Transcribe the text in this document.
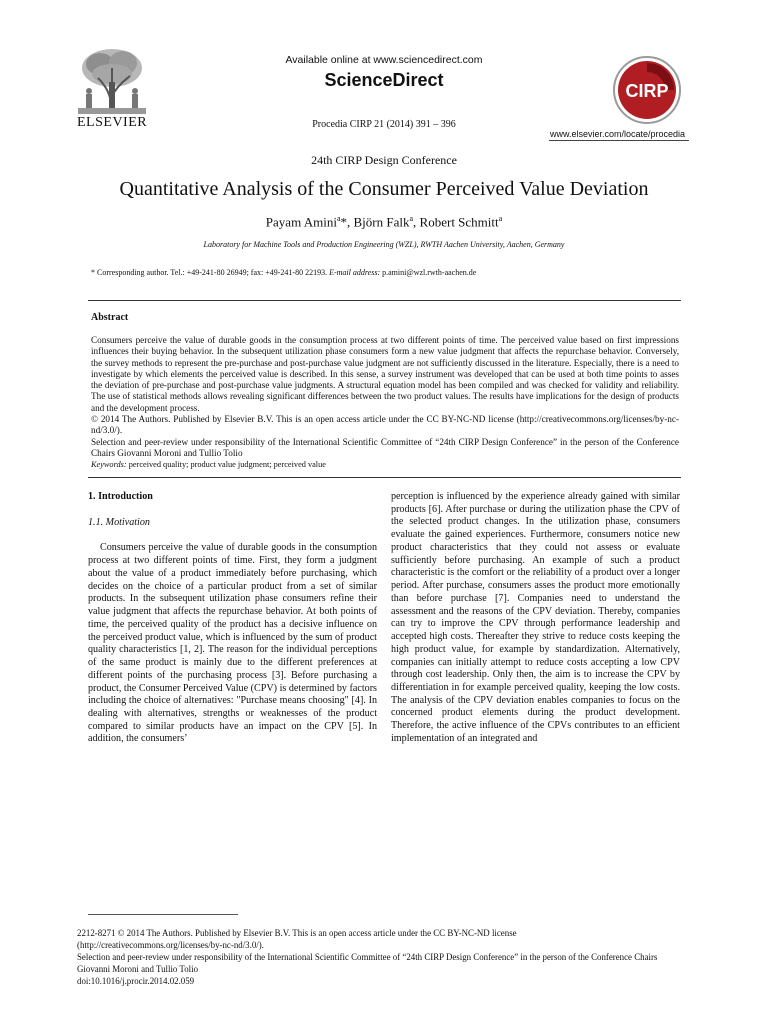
ELSEVIER
Available online at www.sciencedirect.com
ScienceDirect
Procedia CIRP 21 (2014) 391 – 396
CIRP
www.elsevier.com/locate/procedia
24th CIRP Design Conference
Quantitative Analysis of the Consumer Perceived Value Deviation
Payam Amini$^a$*, Björn Falk$^a$, Robert Schmitt$^a$
Laboratory for Machine Tools and Production Engineering (WZL), RWTH Aachen University, Aachen, Germany
* Corresponding author. Tel.: +49-241-80 26949; fax: +49-241-80 22193. E-mail address: p.amini@wzl.rwth-aachen.de
Abstract

Consumers perceive the value of durable goods in the consumption process at two different points of time. The perceived value based on first impressions influences their buying behavior. In the subsequent utilization phase consumers form a new value judgment that affects the repurchase behavior. Conversely, the survey methods to represent the pre-purchase and post-purchase value judgment are not sufficiently discussed in the literature. Especially, there is a need to investigate by which elements the perceived value is described. In this sense, a survey instrument was developed that can be used at both time points to asses the deviation of pre-purchase and post-purchase value judgments. A structural equation model has been compiled and was checked for validity and reliability. The use of statistical methods allows revealing significant differences between the two product values. The results have implications for the design of products and the development process.

© 2014 The Authors. Published by Elsevier B.V. This is an open access article under the CC BY-NC-ND license (http://creativecommons.org/licenses/by-nc-nd/3.0/).

Selection and peer-review under responsibility of the International Scientific Committee of “24th CIRP Design Conference” in the person of the Conference Chairs Giovanni Moroni and Tullio Tolio

Keywords: perceived quality; product value judgment; perceived value

1. Introduction
1.1. Motivation

Consumers perceive the value of durable goods in the consumption process at two different points of time. First, they form a judgment about the value of a product immediately before purchasing, which decides on the choice of a particular product from a set of similar products. In the subsequent utilization phase consumers refine their value judgment that affects the repurchase behavior. At both points of time, the perceived quality of the product has a decisive influence on the perceived product value, which is influenced by the sum of product quality characteristics [1, 2]. The reason for the individual perceptions of the same product is mainly due to the different preferences at different points of the purchasing process [3]. Before purchasing a product, the Consumer Perceived Value (CPV) is determined by factors including the choice of alternatives: "Purchase means choosing" [4]. In dealing with alternatives, strengths or weaknesses of the product compared to similar products have an impact on the CPV [5]. In addition, the consumers’

perception is influenced by the experience already gained with similar products [6]. After purchase or during the utilization phase the CPV of the selected product changes. In the utilization phase, consumers evaluate the gained experiences. Furthermore, consumers notice new product characteristics that they could not assess or evaluate sufficiently before purchasing. An example of such a product characteristic is the comfort or the reliability of a product over a longer period. After purchase, consumers asses the product more emotionally than before purchase [7]. Companies need to understand the assessment and the reasons of the CPV deviation. Thereby, companies can try to improve the CPV through performance leadership and accepted high costs. Thereafter they strive to reduce costs keeping the high product value, for example by standardization. Alternatively, companies can initially attempt to reduce costs accepting a low CPV through cost leadership. Only then, the aim is to increase the CPV by differentiation in for example perceived quality, keeping the low costs. The analysis of the CPV deviation enables companies to focus on the concerned product elements during the product development. Therefore, the active influence of the CPVs contributes to an efficient implementation of an integrated and

2212-8271 © 2014 The Authors. Published by Elsevier B.V. This is an open access article under the CC BY-NC-ND license

(http://creativecommons.org/licenses/by-nc-nd/3.0/).

Selection and peer-review under responsibility of the International Scientific Committee of “24th CIRP Design Conference” in the person of the Conference Chairs Giovanni Moroni and Tullio Tolio

doi:10.1016/j.procir.2014.02.059
